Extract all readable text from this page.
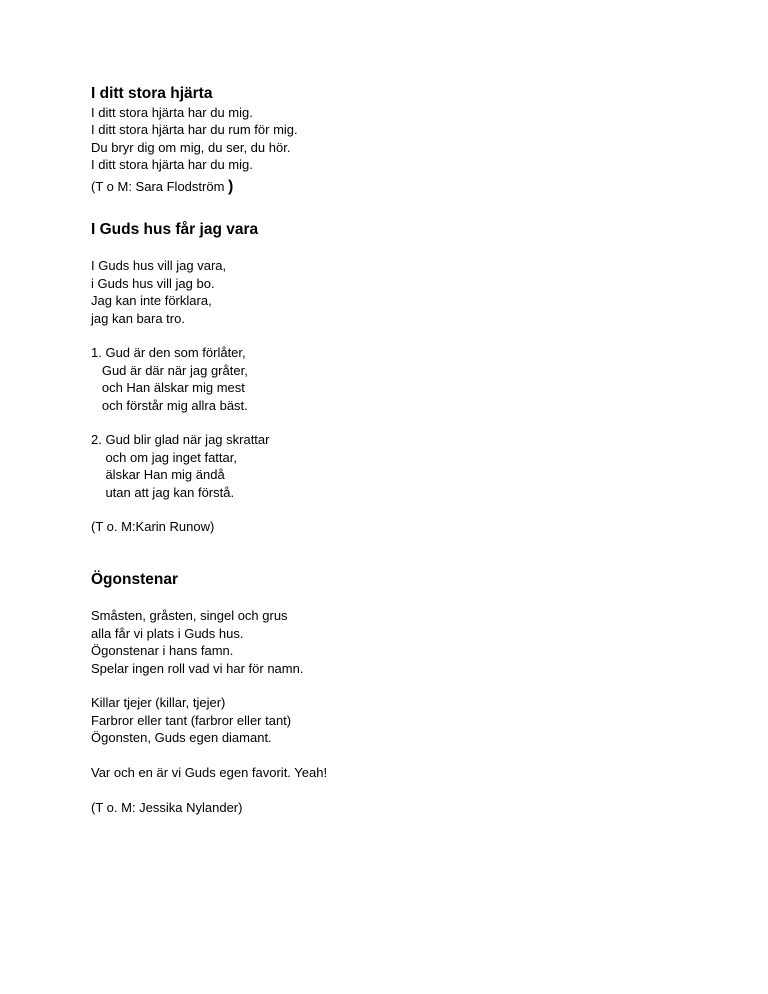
I ditt stora hjärta
I ditt stora hjärta har du mig.
I ditt stora hjärta har du rum för mig.
Du bryr dig om mig, du ser, du hör.
I ditt stora hjärta har du mig.
(T o M: Sara Flodström )
I Guds hus får jag vara
I Guds hus vill jag vara,
i Guds hus vill jag bo.
Jag kan inte förklara,
jag kan bara tro.
1. Gud är den som förlåter,
Gud är där när jag gråter,
och Han älskar mig mest
och förstår mig allra bäst.
2. Gud blir glad när jag skrattar
och om jag inget fattar,
älskar Han mig ändå
utan att jag kan förstå.
(T o. M:Karin Runow)
Ögonstenar
Småsten, gråsten, singel och grus
alla får vi plats i Guds hus.
Ögonstenar i hans famn.
Spelar ingen roll vad vi har för namn.
Killar tjejer (killar, tjejer)
Farbror eller tant (farbror eller tant)
Ögonsten, Guds egen diamant.
Var och en är vi Guds egen favorit. Yeah!
(T o. M: Jessika Nylander)
